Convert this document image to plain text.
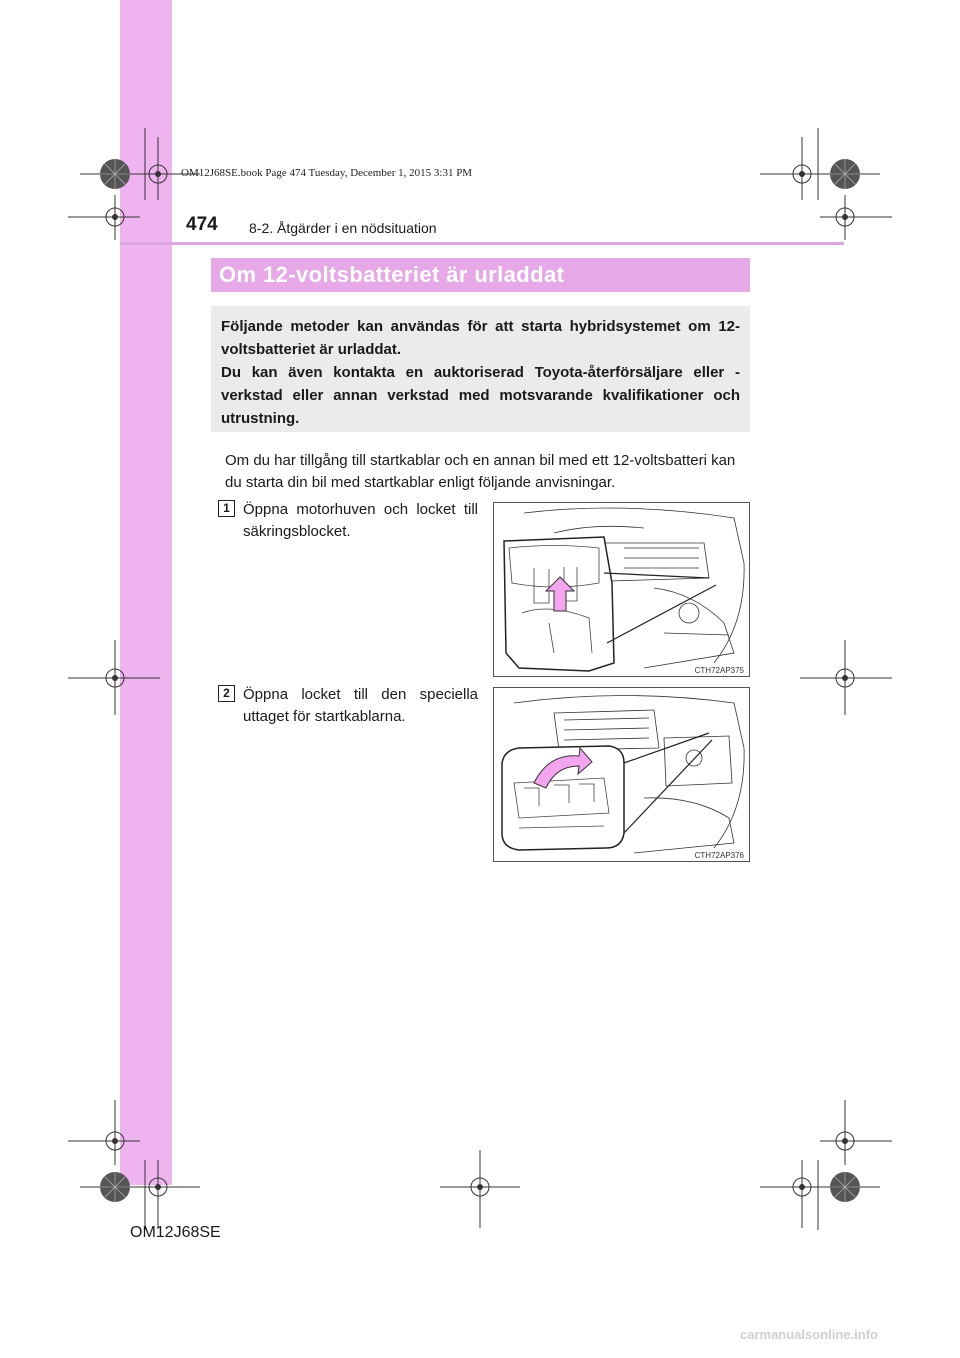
OM12J68SE.book Page 474 Tuesday, December 1, 2015 3:31 PM
474 8-2. Åtgärder i en nödsituation
Om 12-voltsbatteriet är urladdat

Följande metoder kan användas för att starta hybridsystemet om 12-voltsbatteriet är urladdat.

Du kan även kontakta en auktoriserad Toyota-återförsäljare eller -verkstad eller annan verkstad med motsvarande kvalifikationer och utrustning.

Om du har tillgång till startkablar och en annan bil med ett 12-voltsbatteri kan du starta din bil med startkablar enligt följande anvisningar.

1 Öppna motorhuven och locket till säkringsblocket.

CTH72AP375
2 Öppna locket till den speciella uttaget för startkablarna.

CTH72AP376
OM12J68SE
carmanualsonline.info
